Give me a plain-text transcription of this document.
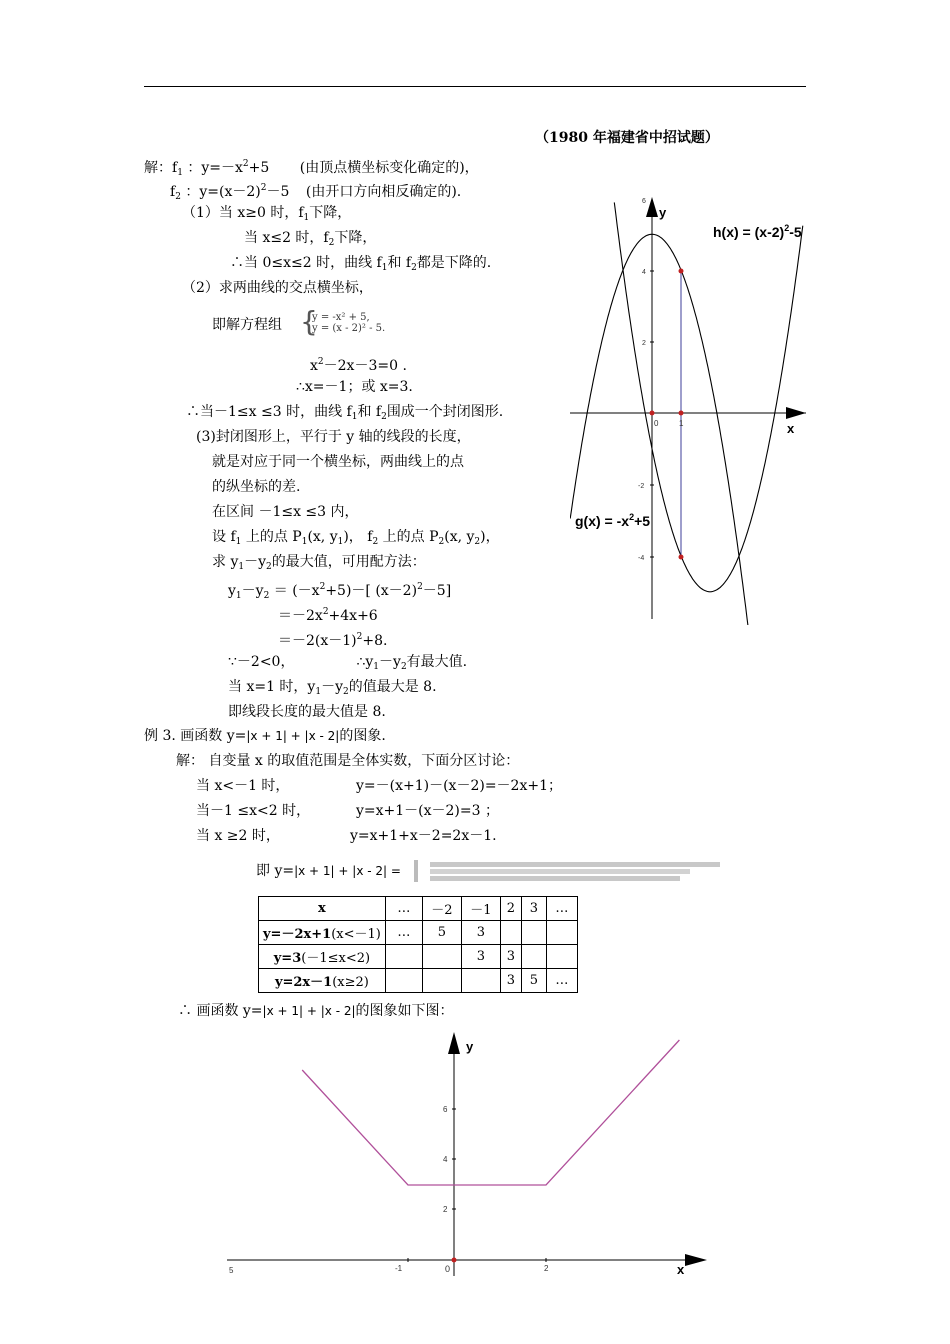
（1980 年福建省中招试题）
解：$f_1$ ：$y=-x^2+5$ (由顶点横坐标变化确定的)，
$f_2$ ：$y=(x-2)^2-5$ (由开口方向相反确定的).
（1）当 x≥0 时，$f_1$下降，
当 x≤2 时，$f_2$下降，
∴当 0≤x≤2 时，曲线 $f_1$和 $f_2$都是下降的.
（2）求两曲线的交点横坐标，
即解方程组 {
y = -x² + 5,
y = (x - 2)² - 5.
$x^2-2x-3=0$ .
∴x=－1；或 x=3.
∴当－1≤x ≤3 时，曲线 $f_1$和 $f_2$围成一个封闭图形.
(3)封闭图形上，平行于 y 轴的线段的长度，
就是对应于同一个横坐标，两曲线上的点
的纵坐标的差.
在区间 －1≤x ≤3 内，
设 $f_1$ 上的点 $P_1(x$, $y_1$)， $f_2$ 上的点 $P_2(x$, $y_2$)，
求 $y_1-y_2$的最大值，可用配方法：
$y_1-y_2 = (-x^2+5)-$[ $(x-2)^2-5$]
$=-2x^2+4x+6$
$=-2(x-1)^2+8$.
∵－2<0，	$\therefore y_1-y_2$有最大值.
当 x=1 时，$y_1-y_2$的值最大是 8.
即线段长度的最大值是 8.
y
x
6
4
2
-2
-4
0	1
$h(x) = (x-2)^2-5$
$g(x) = -x^2+5$
例 3. 画函数 y=|x + 1| + |x - 2|的图象.
解： 自变量 x 的取值范围是全体实数，下面分区讨论：
当 x<－1 时，	y=－(x+1)－(x－2)=－2x+1；
当－1 ≤x<2 时，	y=x+1－(x－2)=3 ；
当 x ≥2 时，	y=x+1+x－2=2x－1.
即 y=|x + 1| + |x - 2| =
x	…	－2	－1	2	3	…
y=－2x+1(x<－1)	…	5	3			
y=3(－1≤x<2)			3	3		
y=2x－1(x≥2)				3	5	…
∴ 画函数 y=|x + 1| + |x - 2|的图象如下图：
y
x
6
4
2
0
-1	2
5
